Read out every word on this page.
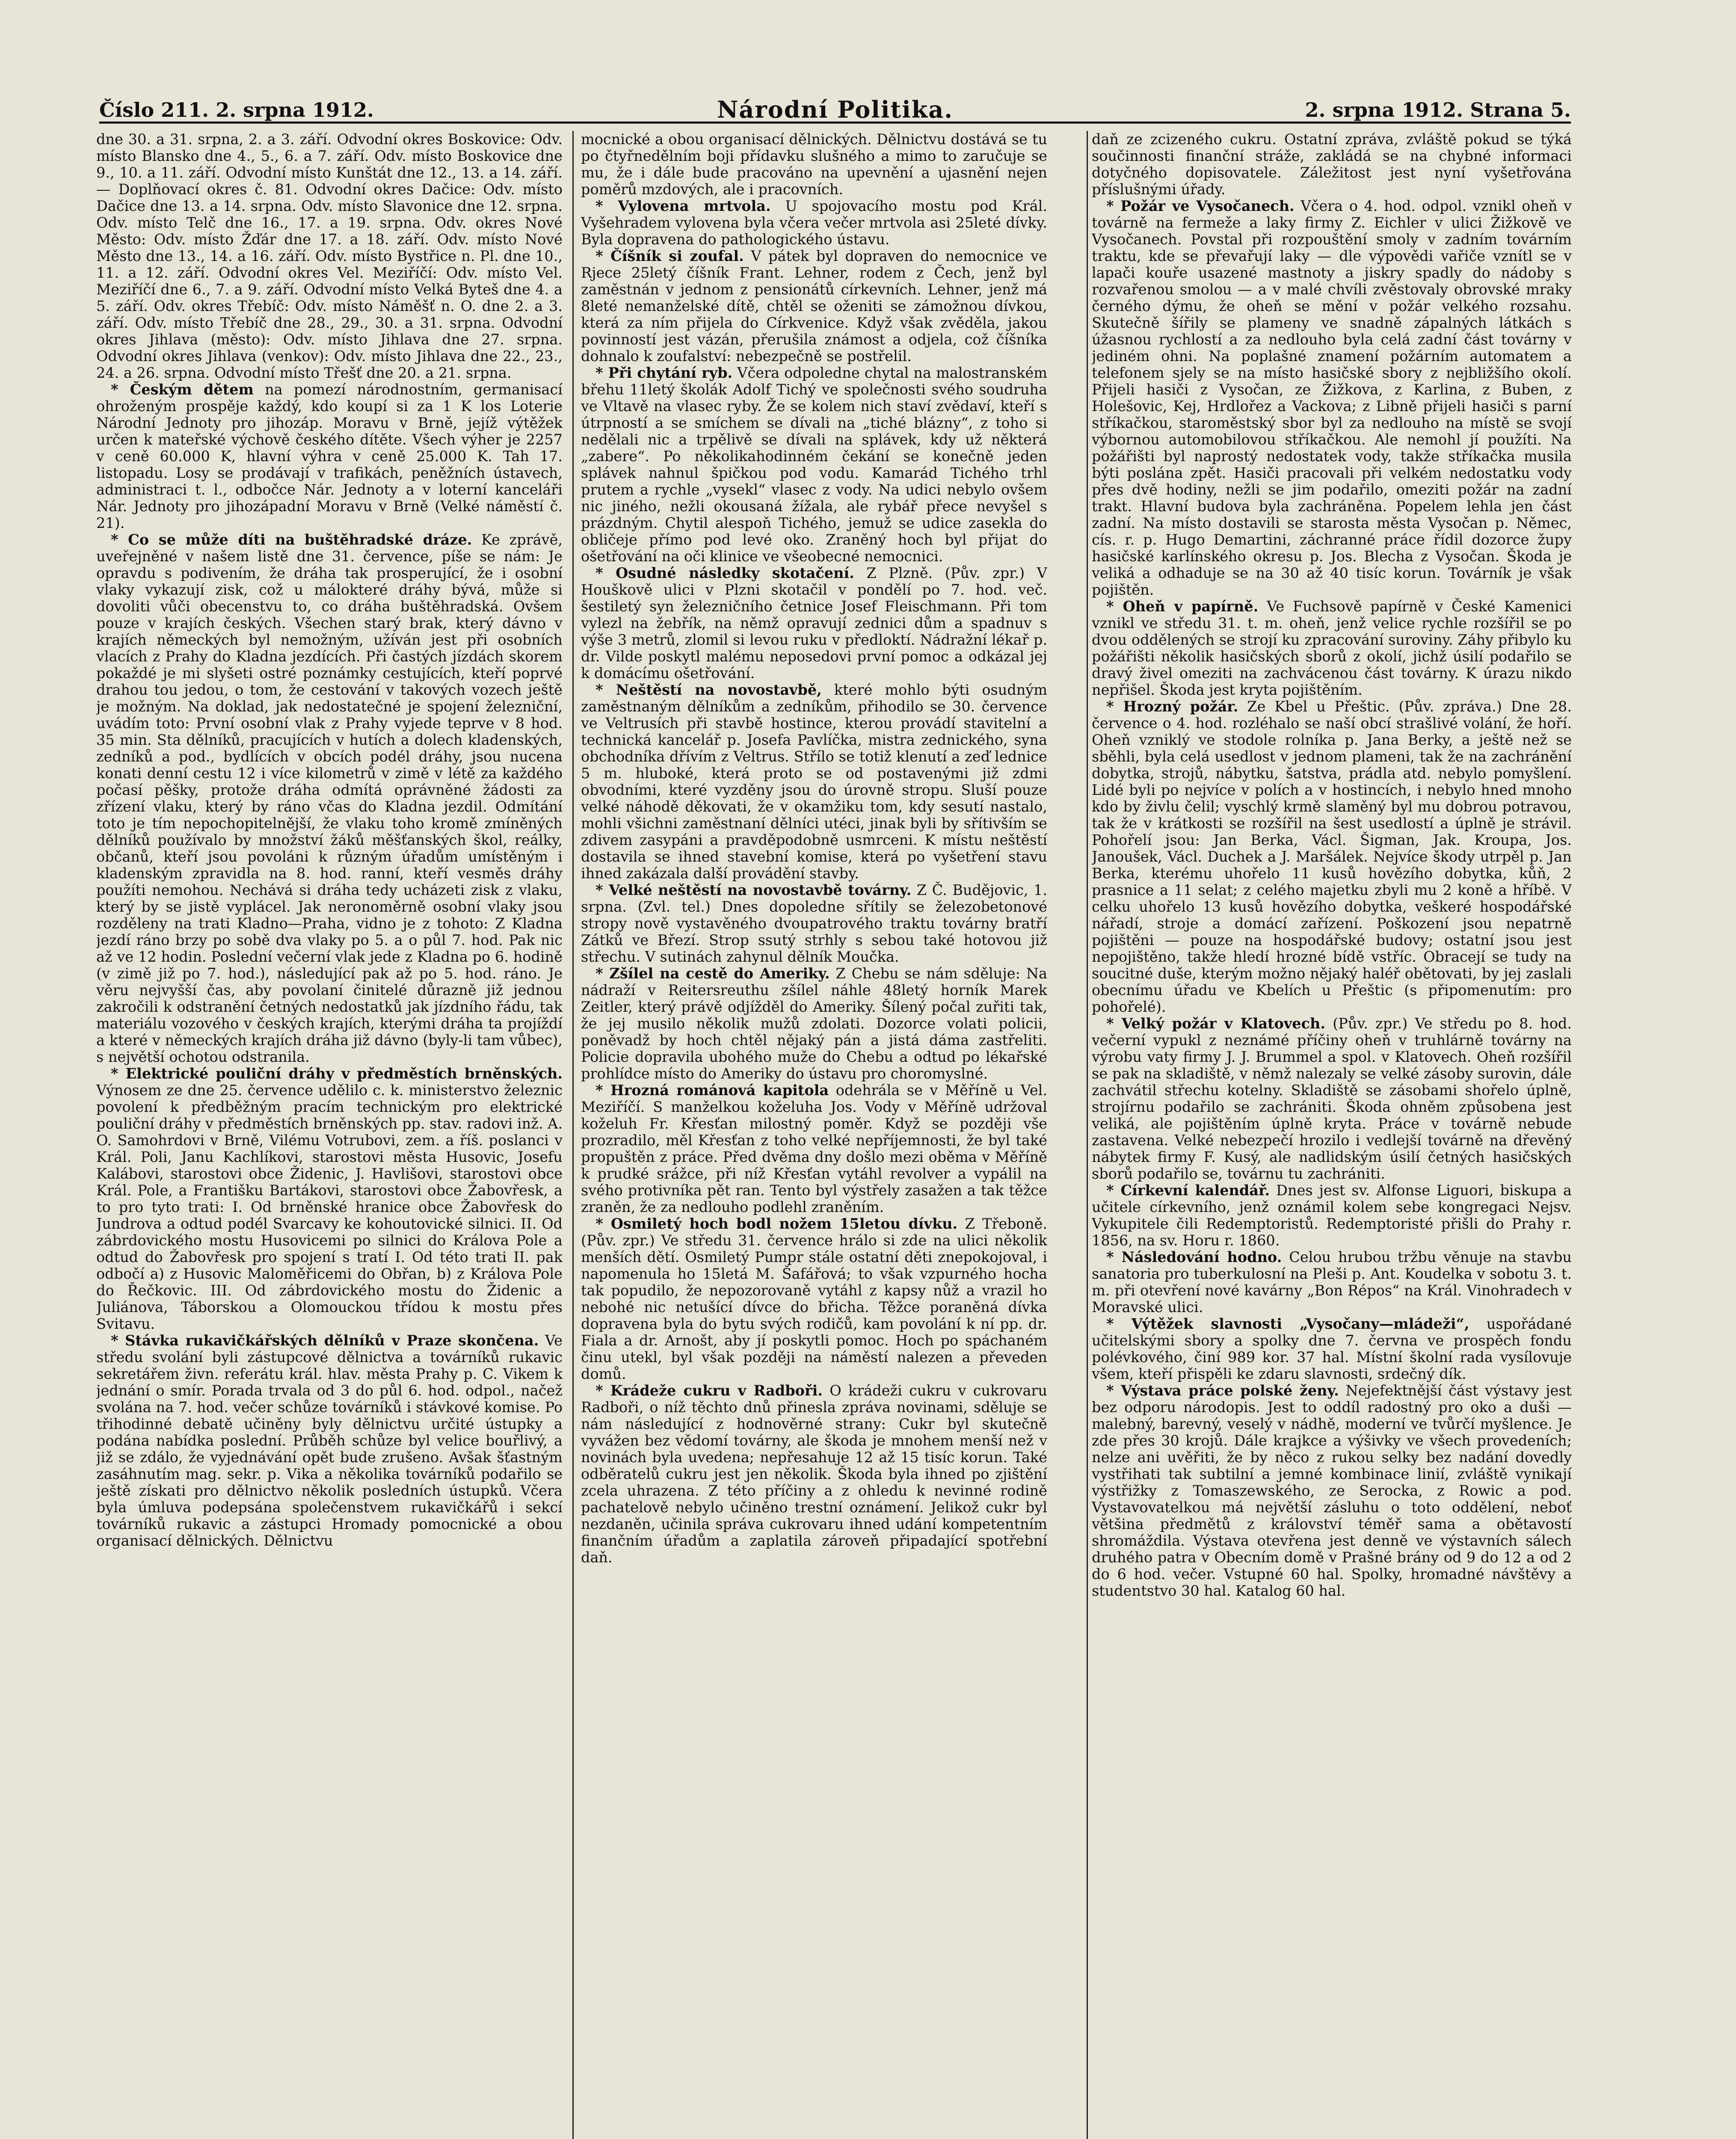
Číslo 211. 2. srpna 1912.	Národní Politika.	2. srpna 1912. Strana 5.

dne 30. a 31. srpna, 2. a 3. září. Odvodní okres Boskovice: Odv. místo Blansko dne 4., 5., 6. a 7. září. Odv. místo Boskovice dne 9., 10. a 11. září. Odvodní místo Kunštát dne 12., 13. a 14. září. — Doplňovací okres č. 81. Odvodní okres Dačice: Odv. místo Dačice dne 13. a 14. srpna. Odv. místo Slavonice dne 12. srpna. Odv. místo Telč dne 16., 17. a 19. srpna. Odv. okres Nové Město: Odv. místo Žďár dne 17. a 18. září. Odv. místo Nové Město dne 13., 14. a 16. září. Odv. místo Bystřice n. Pl. dne 10., 11. a 12. září. Odvodní okres Vel. Meziříčí: Odv. místo Vel. Meziříčí dne 6., 7. a 9. září. Odvodní místo Velká Byteš dne 4. a 5. září. Odv. okres Třebíč: Odv. místo Náměšť n. O. dne 2. a 3. září. Odv. místo Třebíč dne 28., 29., 30. a 31. srpna. Odvodní okres Jihlava (město): Odv. místo Jihlava dne 27. srpna. Odvodní okres Jihlava (venkov): Odv. místo Jihlava dne 22., 23., 24. a 26. srpna. Odvodní místo Třešť dne 20. a 21. srpna.

* Českým dětem na pomezí národnostním, germanisací ohroženým prospěje každý, kdo koupí si za 1 K los Loterie Národní Jednoty pro jihozáp. Moravu v Brně, jejíž výtěžek určen k mateřské výchově českého dítěte. Všech výher je 2257 v ceně 60.000 K, hlavní výhra v ceně 25.000 K. Tah 17. listopadu. Losy se prodávají v trafikách, peněžních ústavech, administraci t. l., odbočce Nár. Jednoty a v loterní kanceláři Nár. Jednoty pro jihozápadní Moravu v Brně (Velké náměstí č. 21).

* Co se může díti na buštěhradské dráze. Ke zprávě, uveřejněné v našem listě dne 31. července, píše se nám: Je opravdu s podivením, že dráha tak prosperující, že i osobní vlaky vykazují zisk, což u málokteré dráhy bývá, může si dovoliti vůči obecenstvu to, co dráha buštěhradská. Ovšem pouze v krajích českých. Všechen starý brak, který dávno v krajích německých byl nemožným, užíván jest při osobních vlacích z Prahy do Kladna jezdících. Při častých jízdách skorem pokaždé je mi slyšeti ostré poznámky cestujících, kteří poprvé drahou tou jedou, o tom, že cestování v takových vozech ještě je možným. Na doklad, jak nedostatečné je spojení železniční, uvádím toto: První osobní vlak z Prahy vyjede teprve v 8 hod. 35 min. Sta dělníků, pracujících v hutích a dolech kladenských, zedníků a pod., bydlících v obcích podél dráhy, jsou nucena konati denní cestu 12 i více kilometrů v zimě v létě za každého počasí pěšky, protože dráha odmítá oprávněné žádosti za zřízení vlaku, který by ráno včas do Kladna jezdil. Odmítání toto je tím nepochopitelnější, že vlaku toho kromě zmíněných dělníků používalo by množství žáků měšťanských škol, reálky, občanů, kteří jsou povoláni k různým úřadům umístěným i kladenským zpravidla na 8. hod. ranní, kteří vesměs dráhy použíti nemohou. Nechává si dráha tedy ucházeti zisk z vlaku, který by se jistě vyplácel. Jak neronoměrně osobní vlaky jsou rozděleny na trati Kladno—Praha, vidno je z tohoto: Z Kladna jezdí ráno brzy po sobě dva vlaky po 5. a o půl 7. hod. Pak nic až ve 12 hodin. Poslední večerní vlak jede z Kladna po 6. hodině (v zimě již po 7. hod.), následující pak až po 5. hod. ráno. Je věru nejvyšší čas, aby povolaní činitelé důrazně již jednou zakročili k odstranění četných nedostatků jak jízdního řádu, tak materiálu vozového v českých krajích, kterými dráha ta projíždí a které v německých krajích dráha již dávno (byly-li tam vůbec), s největší ochotou odstranila.

* Elektrické pouliční dráhy v předměstích brněnských. Výnosem ze dne 25. července udělilo c. k. ministerstvo železnic povolení k předběžným pracím technickým pro elektrické pouliční dráhy v předměstích brněnských pp. stav. radovi inž. A. O. Samohrdovi v Brně, Vilému Votrubovi, zem. a říš. poslanci v Král. Poli, Janu Kachlíkovi, starostovi města Husovic, Josefu Kalábovi, starostovi obce Židenic, J. Havlišovi, starostovi obce Král. Pole, a Františku Bartákovi, starostovi obce Žabovřesk, a to pro tyto trati: I. Od brněnské hranice obce Žabovřesk do Jundrova a odtud podél Svarcavy ke kohoutovické silnici. II. Od zábrdovického mostu Husovicemi po silnici do Králova Pole a odtud do Žabovřesk pro spojení s tratí I. Od této trati II. pak odbočí a) z Husovic Maloměřicemi do Obřan, b) z Králova Pole do Řečkovic. III. Od zábrdovického mostu do Židenic a Juliánova, Táborskou a Olomouckou třídou k mostu přes Svitavu.

* Stávka rukavičkářských dělníků v Praze skončena. Ve středu svolání byli zástupcové dělnictva a továrníků rukavic sekretářem živn. referátu král. hlav. města Prahy p. C. Vikem k jednání o smír. Porada trvala od 3 do půl 6. hod. odpol., načež svolána na 7. hod. večer schůze továrníků i stávkové komise. Po třihodinné debatě učiněny byly dělnictvu určité ústupky a podána nabídka poslední. Průběh schůze byl velice bouřlivý, a již se zdálo, že vyjednávání opět bude zrušeno. Avšak šťastným zasáhnutím mag. sekr. p. Vika a několika továrníků podařilo se ještě získati pro dělnictvo několik posledních ústupků. Včera byla úmluva podepsána společenstvem rukavičkářů i sekcí továrníků rukavic a zástupci Hromady pomocnické a obou organisací dělnických. Dělnictvu

mocnické a obou organisací dělnických. Dělnictvu dostává se tu po čtyřnedělním boji přídavku slušného a mimo to zaručuje se mu, že i dále bude pracováno na upevnění a ujasnění nejen poměrů mzdových, ale i pracovních.

* Vylovena mrtvola. U spojovacího mostu pod Král. Vyšehradem vylovena byla včera večer mrtvola asi 25leté dívky. Byla dopravena do pathologického ústavu.

* Číšník si zoufal. V pátek byl dopraven do nemocnice ve Rjece 25letý číšník Frant. Lehner, rodem z Čech, jenž byl zaměstnán v jednom z pensionátů církevních. Lehner, jenž má 8leté nemanželské dítě, chtěl se oženiti se zámožnou dívkou, která za ním přijela do Církvenice. Když však zvěděla, jakou povinností jest vázán, přerušila známost a odjela, což číšníka dohnalo k zoufalství: nebezpečně se postřelil.

* Při chytání ryb. Včera odpoledne chytal na malostranském břehu 11letý školák Adolf Tichý ve společnosti svého soudruha ve Vltavě na vlasec ryby. Že se kolem nich staví zvědaví, kteří s útrpností a se smíchem se dívali na „tiché blázny“, z toho si nedělali nic a trpělivě se dívali na splávek, kdy už některá „zabere“. Po několikahodinném čekání se konečně jeden splávek nahnul špičkou pod vodu. Kamarád Tichého trhl prutem a rychle „vysekl“ vlasec z vody. Na udici nebylo ovšem nic jiného, nežli okousaná žížala, ale rybář přece nevyšel s prázdným. Chytil alespoň Tichého, jemuž se udice zasekla do obličeje přímo pod levé oko. Zraněný hoch byl přijat do ošetřování na oči klinice ve všeobecné nemocnici.

* Osudné následky skotačení. Z Plzně. (Pův. zpr.) V Houškově ulici v Plzni skotačil v pondělí po 7. hod. več. šestiletý syn železničního četnice Josef Fleischmann. Při tom vylezl na žebřík, na němž opravují zednici dům a spadnuv s výše 3 metrů, zlomil si levou ruku v předloktí. Nádražní lékař p. dr. Vilde poskytl malému neposedovi první pomoc a odkázal jej k domácímu ošetřování.

* Neštěstí na novostavbě, které mohlo býti osudným zaměstnaným dělníkům a zedníkům, přihodilo se 30. července ve Veltrusích při stavbě hostince, kterou provádí stavitelní a technická kancelář p. Josefa Pavlíčka, mistra zednického, syna obchodníka dřívím z Veltrus. Střílo se totiž klenutí a zeď lednice 5 m. hluboké, která proto se od postavenými již zdmi obvodními, které vyzděny jsou do úrovně stropu. Sluší pouze velké náhodě děkovati, že v okamžiku tom, kdy sesutí nastalo, mohli všichni zaměstnaní dělníci utéci, jinak byli by sřítivším se zdivem zasypáni a pravděpodobně usmrceni. K místu neštěstí dostavila se ihned stavební komise, která po vyšetření stavu ihned zakázala další provádění stavby.

* Velké neštěstí na novostavbě továrny. Z Č. Budějovic, 1. srpna. (Zvl. tel.) Dnes dopoledne sřítily se železobetonové stropy nově vystavěného dvoupatrového traktu továrny bratří Zátků ve Březí. Strop ssutý strhly s sebou také hotovou již střechu. V sutinách zahynul dělník Moučka.

* Zšílel na cestě do Ameriky. Z Chebu se nám sděluje: Na nádraží v Reitersreuthu zšílel náhle 48letý horník Marek Zeitler, který právě odjížděl do Ameriky. Šílený počal zuřiti tak, že jej musilo několik mužů zdolati. Dozorce volati policii, poněvadž by hoch chtěl nějaký pán a jistá dáma zastřeliti. Policie dopravila ubohého muže do Chebu a odtud po lékařské prohlídce místo do Ameriky do ústavu pro choromyslné.

* Hrozná románová kapitola odehrála se v Měříně u Vel. Meziříčí. S manželkou koželuha Jos. Vody v Měříně udržoval koželuh Fr. Křesťan milostný poměr. Když se později vše prozradilo, měl Křesťan z toho velké nepříjemnosti, že byl také propuštěn z práce. Před dvěma dny došlo mezi oběma v Měříně k prudké srážce, při níž Křesťan vytáhl revolver a vypálil na svého protivníka pět ran. Tento byl výstřely zasažen a tak těžce zraněn, že za nedlouho podlehl zraněním.

* Osmiletý hoch bodl nožem 15letou dívku. Z Třeboně. (Pův. zpr.) Ve středu 31. července hrálo si zde na ulici několik menších dětí. Osmiletý Pumpr stále ostatní děti znepokojoval, i napomenula ho 15letá M. Šafářová; to však vzpurného hocha tak popudilo, že nepozorovaně vytáhl z kapsy nůž a vrazil ho nebohé nic netušící dívce do břicha. Těžce poraněná dívka dopravena byla do bytu svých rodičů, kam povolání k ní pp. dr. Fiala a dr. Arnošt, aby jí poskytli pomoc. Hoch po spáchaném činu utekl, byl však později na náměstí nalezen a převeden domů.

* Krádeže cukru v Radboři. O krádeži cukru v cukrovaru Radboři, o níž těchto dnů přinesla zpráva novinami, sděluje se nám následující z hodnověrné strany: Cukr byl skutečně vyvážen bez vědomí továrny, ale škoda je mnohem menší než v novinách byla uvedena; nepřesahuje 12 až 15 tisíc korun. Také odběratelů cukru jest jen několik. Škoda byla ihned po zjištění zcela uhrazena. Z této příčiny a z ohledu k nevinné rodině pachatelově nebylo učiněno trestní oznámení. Jelikož cukr byl nezdaněn, učinila správa cukrovaru ihned udání kompetentním finančním úřadům a zaplatila zároveň připadající spotřební daň.

daň ze zcizeného cukru. Ostatní zpráva, zvláště pokud se týká součinnosti finanční stráže, zakládá se na chybné informaci dotyčného dopisovatele. Záležitost jest nyní vyšetřována příslušnými úřady.

* Požár ve Vysočanech. Včera o 4. hod. odpol. vznikl oheň v továrně na fermeže a laky firmy Z. Eichler v ulici Žižkově ve Vysočanech. Povstal při rozpouštění smoly v zadním továrním traktu, kde se převařují laky — dle výpovědi vařiče vznítl se v lapači kouře usazené mastnoty a jiskry spadly do nádoby s rozvařenou smolou — a v malé chvíli zvěstovaly obrovské mraky černého dýmu, že oheň se mění v požár velkého rozsahu. Skutečně šířily se plameny ve snadně zápalných látkách s úžasnou rychlostí a za nedlouho byla celá zadní část továrny v jediném ohni. Na poplašné znamení požárním automatem a telefonem sjely se na místo hasičské sbory z nejbližšího okolí. Přijeli hasiči z Vysočan, ze Žižkova, z Karlina, z Buben, z Holešovic, Kej, Hrdlořez a Vackova; z Libně přijeli hasiči s parní stříkačkou, staroměstský sbor byl za nedlouho na místě se svojí výbornou automobilovou stříkačkou. Ale nemohl jí použíti. Na požářišti byl naprostý nedostatek vody, takže stříkačka musila býti poslána zpět. Hasiči pracovali při velkém nedostatku vody přes dvě hodiny, nežli se jim podařilo, omeziti požár na zadní trakt. Hlavní budova byla zachráněna. Popelem lehla jen část zadní. Na místo dostavili se starosta města Vysočan p. Němec, cís. r. p. Hugo Demartini, záchranné práce řídil dozorce župy hasičské karlínského okresu p. Jos. Blecha z Vysočan. Škoda je veliká a odhaduje se na 30 až 40 tisíc korun. Továrník je však pojištěn.

* Oheň v papírně. Ve Fuchsově papírně v České Kamenici vznikl ve středu 31. t. m. oheň, jenž velice rychle rozšířil se po dvou oddělených se strojí ku zpracování suroviny. Záhy přibylo ku požářišti několik hasičských sborů z okolí, jichž úsilí podařilo se dravý živel omeziti na zachvácenou část továrny. K úrazu nikdo nepřišel. Škoda jest kryta pojištěním.

* Hrozný požár. Ze Kbel u Přeštic. (Pův. zpráva.) Dne 28. července o 4. hod. rozléhalo se naší obcí strašlivé volání, že hoří. Oheň vzniklý ve stodole rolníka p. Jana Berky, a ještě než se sběhli, byla celá usedlost v jednom plameni, tak že na zachránění dobytka, strojů, nábytku, šatstva, prádla atd. nebylo pomyšlení. Lidé byli po nejvíce v polích a v hostincích, i nebylo hned mnoho kdo by živlu čelil; vyschlý krmě slaměný byl mu dobrou potravou, tak že v krátkosti se rozšířil na šest usedlostí a úplně je strávil. Pohořelí jsou: Jan Berka, Václ. Šigman, Jak. Kroupa, Jos. Janoušek, Václ. Duchek a J. Maršálek. Nejvíce škody utrpěl p. Jan Berka, kterému uhořelo 11 kusů hovězího dobytka, kůň, 2 prasnice a 11 selat; z celého majetku zbyli mu 2 koně a hříbě. V celku uhořelo 13 kusů hovězího dobytka, veškeré hospodářské nářadí, stroje a domácí zařízení. Poškození jsou nepatrně pojištěni — pouze na hospodářské budovy; ostatní jsou jest nepojištěno, takže hledí hrozné bídě vstříc. Obracejí se tudy na soucitné duše, kterým možno nějaký haléř obětovati, by jej zaslali obecnímu úřadu ve Kbelích u Přeštic (s připomenutím: pro pohořelé).

* Velký požár v Klatovech. (Pův. zpr.) Ve středu po 8. hod. večerní vypukl z neznámé příčiny oheň v truhlárně továrny na výrobu vaty firmy J. J. Brummel a spol. v Klatovech. Oheň rozšířil se pak na skladiště, v němž nalezaly se velké zásoby surovin, dále zachvátil střechu kotelny. Skladiště se zásobami shořelo úplně, strojírnu podařilo se zachrániti. Škoda ohněm způsobena jest veliká, ale pojištěním úplně kryta. Práce v továrně nebude zastavena. Velké nebezpečí hrozilo i vedlejší továrně na dřevěný nábytek firmy F. Kusý, ale nadlidským úsilí četných hasičských sborů podařilo se, továrnu tu zachrániti.

* Církevní kalendář. Dnes jest sv. Alfonse Liguori, biskupa a učitele církevního, jenž oznámil kolem sebe kongregaci Nejsv. Vykupitele čili Redemptoristů. Redemptoristé přišli do Prahy r. 1856, na sv. Horu r. 1860.

* Následování hodno. Celou hrubou tržbu věnuje na stavbu sanatoria pro tuberkulosní na Pleši p. Ant. Koudelka v sobotu 3. t. m. při otevření nové kavárny „Bon Répos“ na Král. Vinohradech v Moravské ulici.

* Výtěžek slavnosti „Vysočany—mládeži“, uspořádané učitelskými sbory a spolky dne 7. června ve prospěch fondu polévkového, činí 989 kor. 37 hal. Místní školní rada vysílovuje všem, kteří přispěli ke zdaru slavnosti, srdečný dík.

* Výstava práce polské ženy. Nejefektnější část výstavy jest bez odporu národopis. Jest to oddíl radostný pro oko a duši — malebný, barevný, veselý v nádhě, moderní ve tvůrčí myšlence. Je zde přes 30 krojů. Dále krajkce a výšivky ve všech provedeních; nelze ani uvěřiti, že by něco z rukou selky bez nadání dovedly vystřihati tak subtilní a jemné kombinace linií, zvláště vynikají výstřižky z Tomaszewského, ze Serocka, z Rowic a pod. Vystavovatelkou má největší zásluhu o toto oddělení, neboť většina předmětů z království téměř sama a obětavostí shromáždila. Výstava otevřena jest denně ve výstavních sálech druhého patra v Obecním domě v Prašné brány od 9 do 12 a od 2 do 6 hod. večer. Vstupné 60 hal. Spolky, hromadné návštěvy a studentstvo 30 hal. Katalog 60 hal.
